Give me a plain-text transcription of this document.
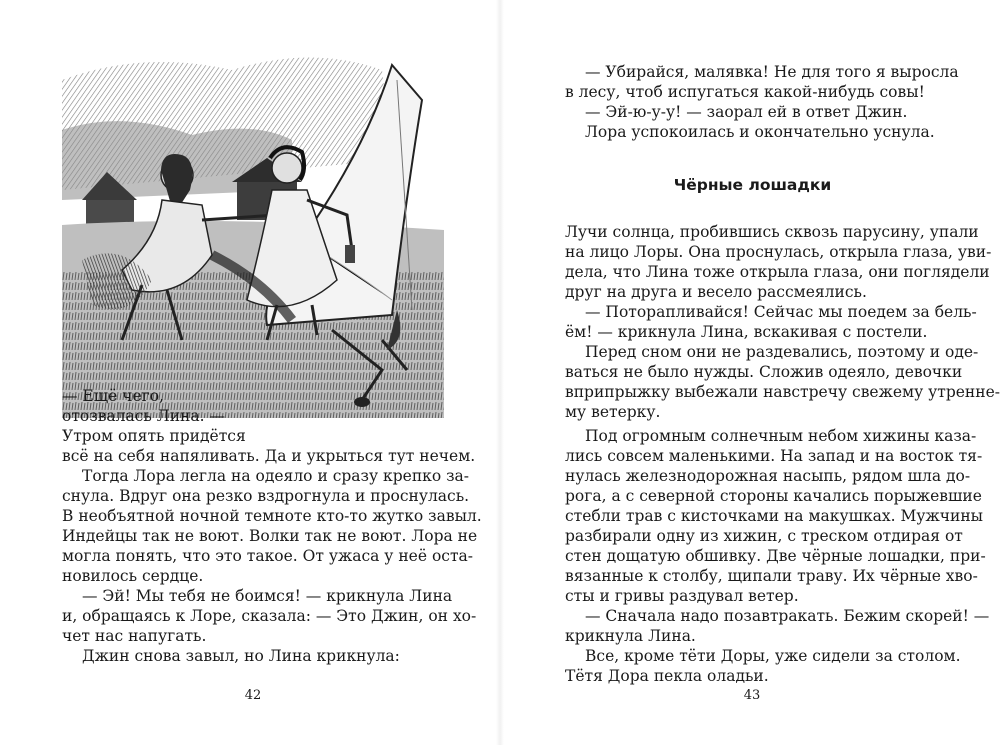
— Ещё чего,
отозвалась Лина. —
Утром опять придётся
всё на себя напяливать. Да и укрыться тут нечем.
Тогда Лора легла на одеяло и сразу крепко за-
снула. Вдруг она резко вздрогнула и проснулась.
В необъятной ночной темноте кто-то жутко завыл.
Индейцы так не воют. Волки так не воют. Лора не
могла понять, что это такое. От ужаса у неё оста-
новилось сердце.
— Эй! Мы тебя не боимся! — крикнула Лина
и, обращаясь к Лоре, сказала: — Это Джин, он хо-
чет нас напугать.
Джин снова завыл, но Лина крикнула:
42
— Убирайся, малявка! Не для того я выросла
в лесу, чтоб испугаться какой-нибудь совы!
— Эй-ю-у-у! — заорал ей в ответ Джин.
Лора успокоилась и окончательно уснула.
Чёрные лошадки
Лучи солнца, пробившись сквозь парусину, упали
на лицо Лоры. Она проснулась, открыла глаза, уви-
дела, что Лина тоже открыла глаза, они поглядели
друг на друга и весело рассмеялись.
— Поторапливайся! Сейчас мы поедем за бель-
ём! — крикнула Лина, вскакивая с постели.
Перед сном они не раздевались, поэтому и оде-
ваться не было нужды. Сложив одеяло, девочки
вприпрыжку выбежали навстречу свежему утренне-
му ветерку.
Под огромным солнечным небом хижины каза-
лись совсем маленькими. На запад и на восток тя-
нулась железнодорожная насыпь, рядом шла до-
рога, а с северной стороны качались порыжевшие
стебли трав с кисточками на макушках. Мужчины
разбирали одну из хижин, с треском отдирая от
стен дощатую обшивку. Две чёрные лошадки, при-
вязанные к столбу, щипали траву. Их чёрные хво-
сты и гривы раздувал ветер.
— Сначала надо позавтракать. Бежим скорей! —
крикнула Лина.
Все, кроме тёти Доры, уже сидели за столом.
Тётя Дора пекла оладьи.
43
